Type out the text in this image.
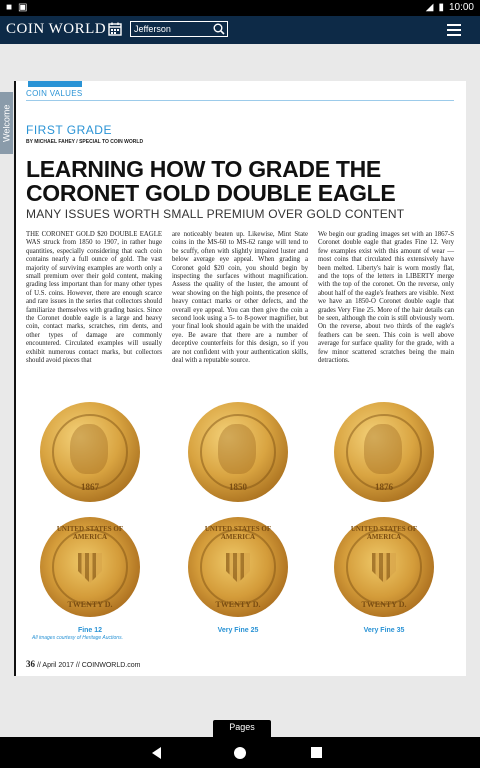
■ ▣	◢ ▮ 10:00
COIN WORLD	Jefferson
Welcome
COIN VALUES
FIRST GRADE
BY MICHAEL FAHEY / SPECIAL TO COIN WORLD
LEARNING HOW TO GRADE THE CORONET GOLD DOUBLE EAGLE
MANY ISSUES WORTH SMALL PREMIUM OVER GOLD CONTENT

THE CORONET GOLD $20 DOUBLE EAGLE WAS struck from 1850 to 1907, in rather huge quantities, especially considering that each coin contains nearly a full ounce of gold. The vast majority of surviving examples are worth only a small premium over their gold content, making grading less important than for many other types of U.S. coins. However, there are enough scarce and rare issues in the series that collectors should familiarize themselves with grading basics. Since the Coronet double eagle is a large and heavy coin, contact marks, scratches, rim dents, and other types of damage are commonly encountered. Circulated examples will usually exhibit numerous contact marks, but collectors should avoid pieces that

are noticeably beaten up. Likewise, Mint State coins in the MS-60 to MS-62 range will tend to be scuffy, often with slightly impaired luster and below average eye appeal. When grading a Coronet gold $20 coin, you should begin by inspecting the surfaces without magnification. Assess the quality of the luster, the amount of wear showing on the high points, the presence of heavy contact marks or other defects, and the overall eye appeal. You can then give the coin a second look using a 5- to 8-power magnifier, but your final look should again be with the unaided eye. Be aware that there are a number of deceptive counterfeits for this design, so if you are not confident with your authentication skills, deal with a reputable source.

We begin our grading images set with an 1867-S Coronet double eagle that grades Fine 12. Very few examples exist with this amount of wear — most coins that circulated this extensively have been melted. Liberty's hair is worn mostly flat, and the tops of the letters in LIBERTY merge with the top of the coronet. On the reverse, only about half of the eagle's feathers are visible. Next we have an 1850-O Coronet double eagle that grades Very Fine 25. More of the hair details can be seen, although the coin is still obviously worn. On the reverse, about two thirds of the eagle's feathers can be seen. This coin is well above average for surface quality for the grade, with a few minor scattered scratches being the main detractions.

1867	1850	1876
UNITED STATES OF AMERICA
TWENTY D.
UNITED STATES OF AMERICA
TWENTY D.
UNITED STATES OF AMERICA
TWENTY D.
Fine 12	Very Fine 25	Very Fine 35
All images courtesy of Heritage Auctions.
36 // April 2017 // COINWORLD.com
Pages
